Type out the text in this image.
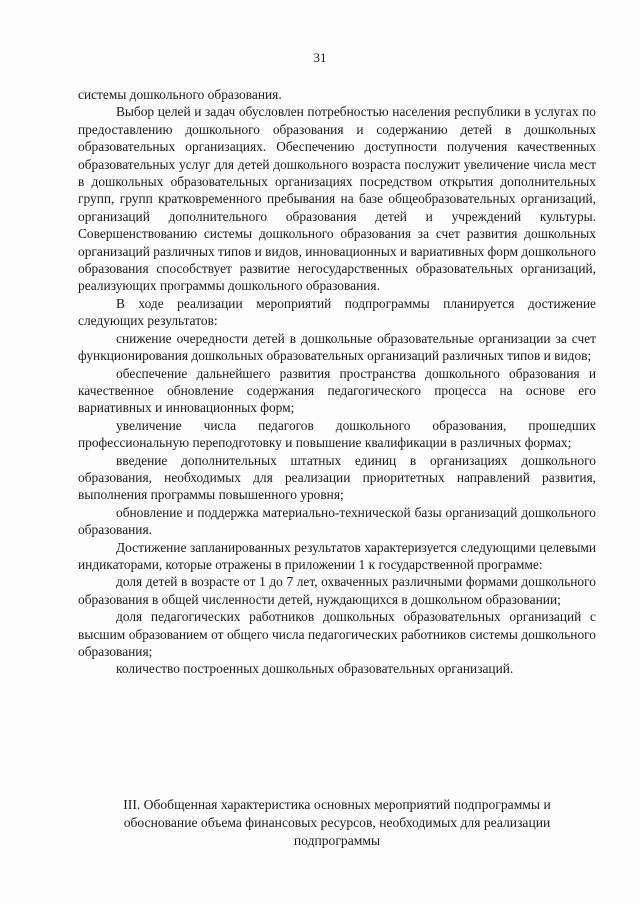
31

системы дошкольного образования.

Выбор целей и задач обусловлен потребностью населения республики в услугах по предоставлению дошкольного образования и содержанию детей в дошкольных образовательных организациях. Обеспечению доступности получения качественных образовательных услуг для детей дошкольного возраста послужит увеличение числа мест в дошкольных образовательных организациях посредством открытия дополнительных групп, групп кратковременного пребывания на базе общеобразовательных организаций, организаций дополнительного образования детей и учреждений культуры. Совершенствованию системы дошкольного образования за счет развития дошкольных организаций различных типов и видов, инновационных и вариативных форм дошкольного образования способствует развитие негосударственных образовательных организаций, реализующих программы дошкольного образования.

В ходе реализации мероприятий подпрограммы планируется достижение следующих результатов:

снижение очередности детей в дошкольные образовательные организации за счет функционирования дошкольных образовательных организаций различных типов и видов;

обеспечение дальнейшего развития пространства дошкольного образования и качественное обновление содержания педагогического процесса на основе его вариативных и инновационных форм;

увеличение числа педагогов дошкольного образования, прошедших профессиональную переподготовку и повышение квалификации в различных формах;

введение дополнительных штатных единиц в организациях дошкольного образования, необходимых для реализации приоритетных направлений развития, выполнения программы повышенного уровня;

обновление и поддержка материально-технической базы организаций дошкольного образования.

Достижение запланированных результатов характеризуется следующими целевыми индикаторами, которые отражены в приложении 1 к государственной программе:

доля детей в возрасте от 1 до 7 лет, охваченных различными формами дошкольного образования в общей численности детей, нуждающихся в дошкольном образовании;

доля педагогических работников дошкольных образовательных организаций с высшим образованием от общего числа педагогических работников системы дошкольного образования;

количество построенных дошкольных образовательных организаций.

III. Обобщенная характеристика основных мероприятий подпрограммы и
обоснование объема финансовых ресурсов, необходимых для реализации
подпрограммы
